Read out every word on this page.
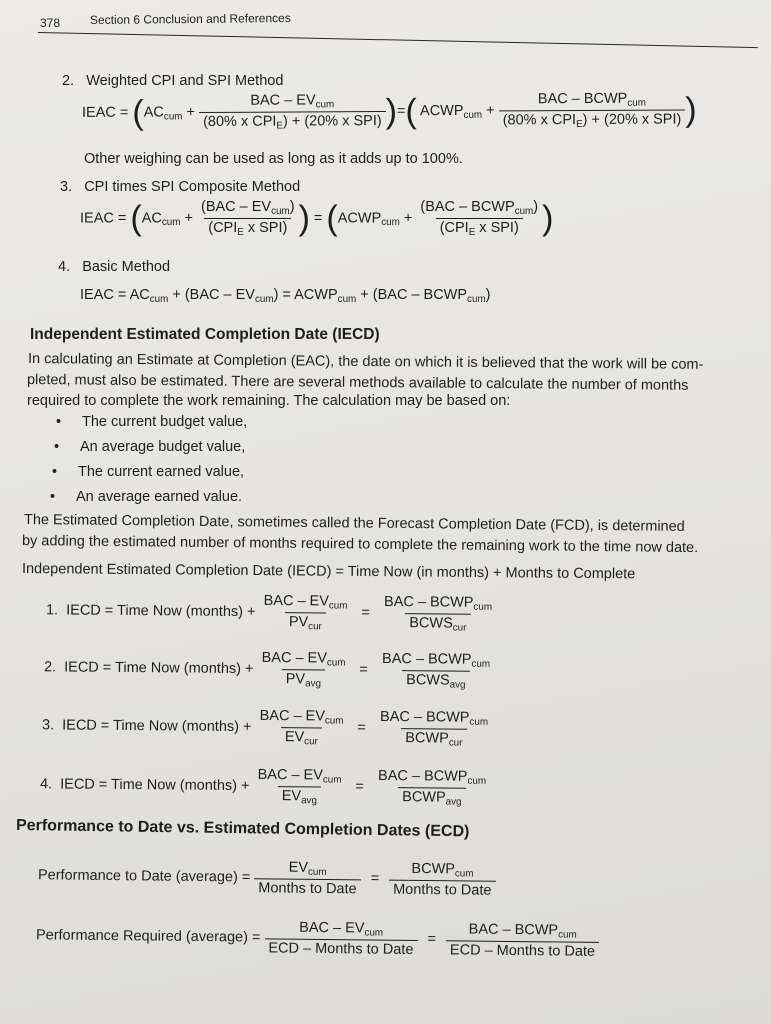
378 Section 6 Conclusion and References
2. Weighted CPI and SPI Method
IEAC = ($AC_{cum} + \frac{BAC - EV_{cum}}{(80\% x CPI_E) + (20\% x SPI)}$ )=( $ACWP_{cum} + \frac{BAC - BCWP_{cum}}{(80\% x CPI_E) + (20\% x SPI)}$ )
Other weighing can be used as long as it adds up to 100%.
3. CPI times SPI Composite Method
IEAC = ($AC_{cum} + \frac{(BAC - EV_{cum})}{(CPI_E x SPI)}$ ) = ($ACWP_{cum} + \frac{(BAC - BCWP_{cum})}{(CPI_E x SPI)}$ )
4. Basic Method
IEAC = $AC_{cum} + (BAC - EV_{cum})$ = $ACWP_{cum} + (BAC$ – $BCWP_{cum}$)
Independent Estimated Completion Date (IECD)
In calculating an Estimate at Completion (EAC), the date on which it is believed that the work will be com-
pleted, must also be estimated. There are several methods available to calculate the number of months
required to complete the work remaining. The calculation may be based on:
• The current budget value,
• An average budget value,
• The current earned value,
• An average earned value.
The Estimated Completion Date, sometimes called the Forecast Completion Date (FCD), is determined
by adding the estimated number of months required to complete the remaining work to the time now date.
Independent Estimated Completion Date (IECD) = Time Now (in months) + Months to Complete
1. IECD = Time Now (months) + $\frac{BAC - EV_{cum}}{PV_{cur}} = \frac{BAC - BCWP_{cum}}{BCWS_{cur}}$
2. IECD = Time Now (months) + $\frac{BAC - EV_{cum}}{PV_{avg}} = \frac{BAC - BCWP_{cum}}{BCWS_{avg}}$
3. IECD = Time Now (months) + $\frac{BAC - EV_{cum}}{EV_{cur}} = \frac{BAC - BCWP_{cum}}{BCWP_{cur}}$
4. IECD = Time Now (months) + $\frac{BAC - EV_{cum}}{EV_{avg}} = \frac{BAC - BCWP_{cum}}{BCWP_{avg}}$
Performance to Date vs. Estimated Completion Dates (ECD)
Performance to Date (average) = $\frac{EV_{cum}}{\text{Months to Date}} = \frac{BCWP_{cum}}{\text{Months to Date}}$
Performance Required (average) = $\frac{BAC - EV_{cum}}{\text{ECD – Months to Date}} = \frac{BAC - BCWP_{cum}}{\text{ECD – Months to Date}}$
